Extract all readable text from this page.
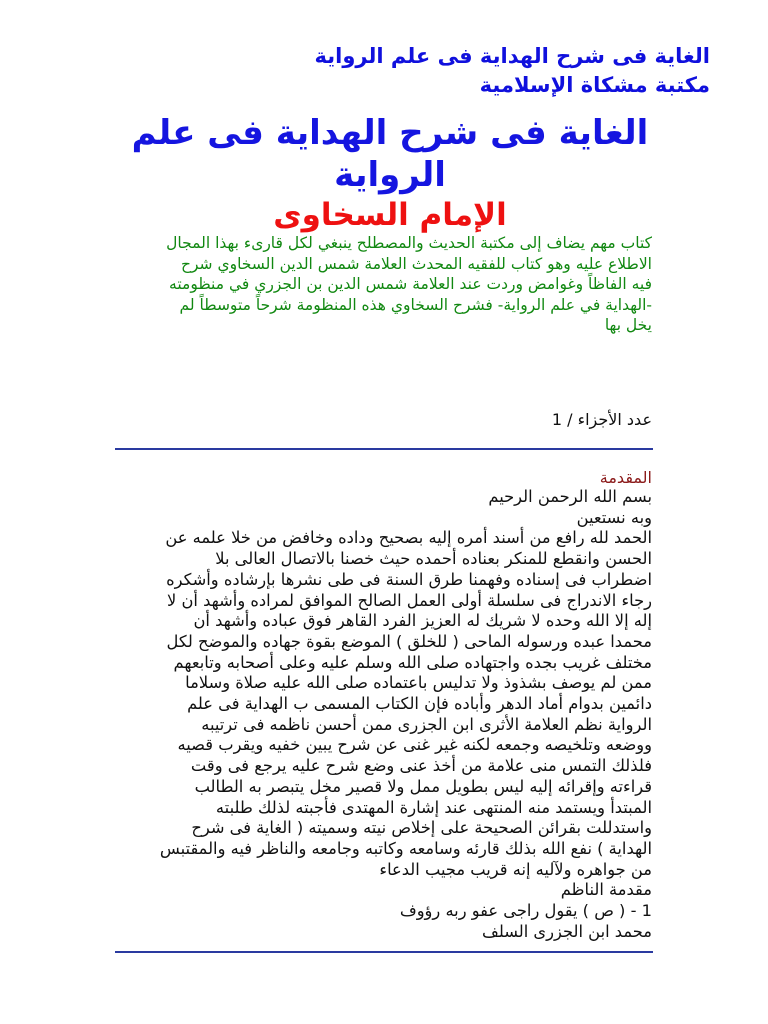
الغاية فى شرح الهداية فى علم الرواية
مكتبة مشكاة الإسلامية
الغاية فى شرح الهداية فى علم
الرواية
الإمام السخاوى
كتاب مهم يضاف إلى مكتبة الحديث والمصطلح ينبغي لكل قارىء بهذا المجال
الاطلاع عليه وهو كتاب للفقيه المحدث العلامة شمس الدين السخاوي شرح
فيه الفاظاً وغوامض وردت عند العلامة شمس الدين بن الجزري في منظومته
-الهداية في علم الرواية- فشرح السخاوي هذه المنظومة شرحاً متوسطاً لم
يخل بها
عدد الأجزاء / 1
المقدمة
بسم الله الرحمن الرحيم
وبه نستعين
الحمد لله رافع من أسند أمره إليه بصحيح وداده وخافض من خلا علمه عن
الحسن وانقطع للمنكر بعناده أحمده حيث خصنا بالاتصال العالى بلا
اضطراب فى إسناده وفهمنا طرق السنة فى طى نشرها بإرشاده وأشكره
رجاء الاندراج فى سلسلة أولى العمل الصالح الموافق لمراده وأشهد أن لا
إله إلا الله وحده لا شريك له العزيز الفرد القاهر فوق عباده وأشهد أن
محمدا عبده ورسوله الماحى ( للخلق ) الموضع بقوة جهاده والموضح لكل
مختلف غريب بجده واجتهاده صلى الله وسلم عليه وعلى أصحابه وتابعهم
ممن لم يوصف بشذوذ ولا تدليس باعتماده صلى الله عليه صلاة وسلاما
دائمين بدوام أماد الدهر وأباده فإن الكتاب المسمى ب الهداية فى علم
الرواية نظم العلامة الأثرى ابن الجزرى ممن أحسن ناظمه فى ترتيبه
ووضعه وتلخيصه وجمعه لكنه غير غنى عن شرح يبين خفيه ويقرب قصيه
فلذلك التمس منى علامة من أخذ عنى وضع شرح عليه يرجع فى وقت
قراءته وإقرائه إليه ليس بطويل ممل ولا قصير مخل يتبصر به الطالب
المبتدأ ويستمد منه المنتهى عند إشارة المهتدى فأجبته لذلك طلبته
واستدللت بقرائن الصحيحة على إخلاص نيته وسميته ( الغاية فى شرح
الهداية ) نفع الله بذلك قارئه وسامعه وكاتبه وجامعه والناظر فيه والمقتبس
من جواهره ولآليه إنه قريب مجيب الدعاء
مقدمة الناظم
1 - ( ص ) يقول راجى عفو ربه رؤوف
محمد ابن الجزرى السلف
